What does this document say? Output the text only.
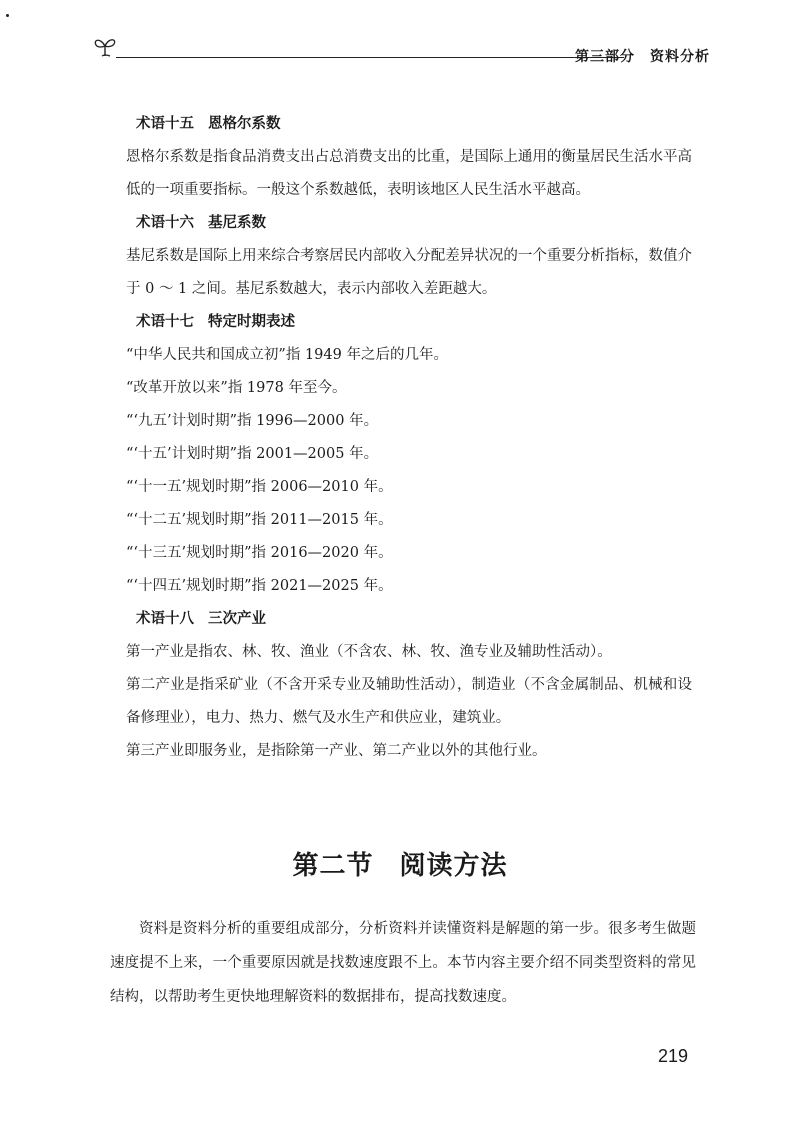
第三部分　资料分析
术语十五 恩格尔系数
恩格尔系数是指食品消费支出占总消费支出的比重，是国际上通用的衡量居民生活水平高低的一项重要指标。一般这个系数越低，表明该地区人民生活水平越高。
术语十六 基尼系数
基尼系数是国际上用来综合考察居民内部收入分配差异状况的一个重要分析指标，数值介于 0 ～ 1 之间。基尼系数越大，表示内部收入差距越大。
术语十七 特定时期表述
“中华人民共和国成立初”指 1949 年之后的几年。
“改革开放以来”指 1978 年至今。
“‘九五’计划时期”指 1996—2000 年。
“‘十五’计划时期”指 2001—2005 年。
“‘十一五’规划时期”指 2006—2010 年。
“‘十二五’规划时期”指 2011—2015 年。
“‘十三五’规划时期”指 2016—2020 年。
“‘十四五’规划时期”指 2021—2025 年。
术语十八 三次产业
第一产业是指农、林、牧、渔业（不含农、林、牧、渔专业及辅助性活动）。
第二产业是指采矿业（不含开采专业及辅助性活动），制造业（不含金属制品、机械和设备修理业），电力、热力、燃气及水生产和供应业，建筑业。
第三产业即服务业，是指除第一产业、第二产业以外的其他行业。
第二节 阅读方法
资料是资料分析的重要组成部分，分析资料并读懂资料是解题的第一步。很多考生做题速度提不上来，一个重要原因就是找数速度跟不上。本节内容主要介绍不同类型资料的常见结构，以帮助考生更快地理解资料的数据排布，提高找数速度。
219
